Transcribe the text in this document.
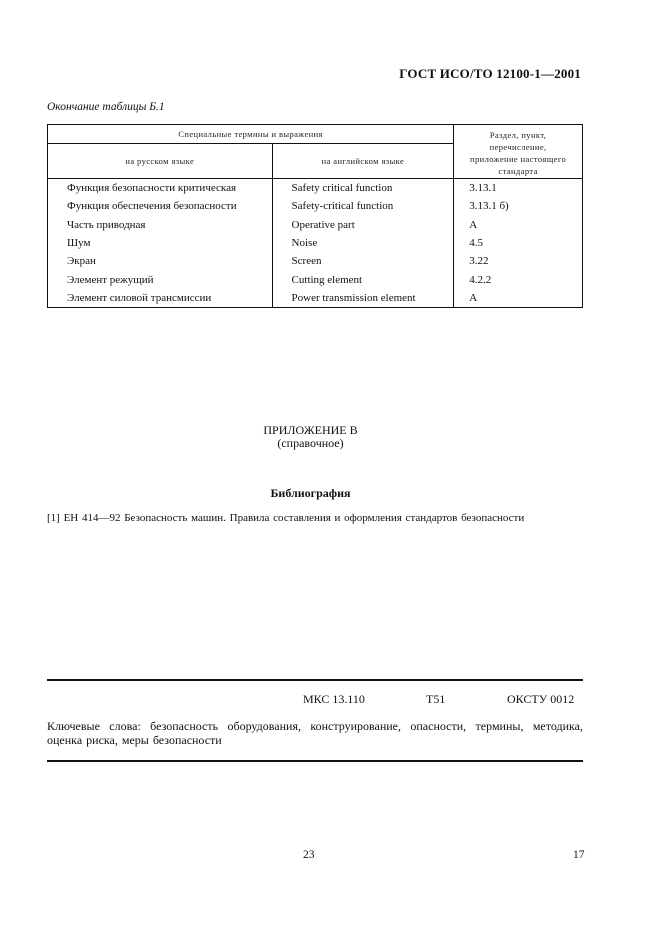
ГОСТ ИСО/ТО 12100-1—2001
Окончание таблицы Б.1
Специальные термины и выражения		Раздел, пункт,
перечисление,
приложение настоящего
стандарта

на русском языке	на английском языке	
Функция безопасности критическая	Safety critical function	3.13.1
Функция обеспечения безопасности	Safety-critical function	3.13.1 б)
Часть приводная	Operative part	А
Шум	Noise	4.5
Экран	Screen	3.22
Элемент режущий	Cutting element	4.2.2
Элемент силовой трансмиссии	Power transmission element	А
ПРИЛОЖЕНИЕ В
(справочное)
Библиография
[1] ЕН 414—92 Безопасность машин. Правила составления и оформления стандартов безопасности
МКС 13.110	T51	ОКСТУ 0012
Ключевые слова: безопасность оборудования, конструирование, опасности, термины, методика, оценка риска, меры безопасности
23	17
